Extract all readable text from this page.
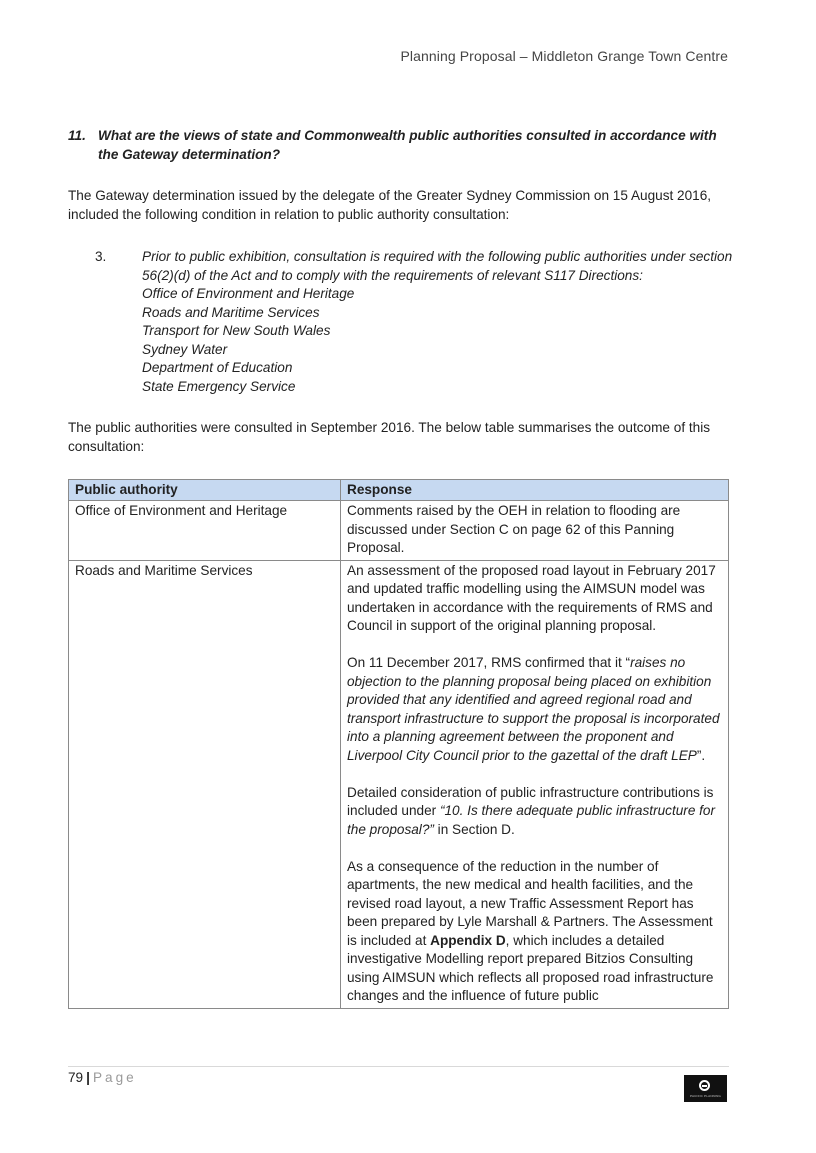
Planning Proposal – Middleton Grange Town Centre
11. What are the views of state and Commonwealth public authorities consulted in accordance with the Gateway determination?
The Gateway determination issued by the delegate of the Greater Sydney Commission on 15 August 2016, included the following condition in relation to public authority consultation:
3.	Prior to public exhibition, consultation is required with the following public authorities under section 56(2)(d) of the Act and to comply with the requirements of relevant S117 Directions:
Office of Environment and Heritage
Roads and Maritime Services
Transport for New South Wales
Sydney Water
Department of Education
State Emergency Service
The public authorities were consulted in September 2016. The below table summarises the outcome of this consultation:
Public authority	Response
Office of Environment and Heritage	Comments raised by the OEH in relation to flooding are discussed under Section C on page 62 of this Panning Proposal.
Roads and Maritime Services	An assessment of the proposed road layout in February 2017 and updated traffic modelling using the AIMSUN model was undertaken in accordance with the requirements of RMS and Council in support of the original planning proposal.

On 11 December 2017, RMS confirmed that it “raises no objection to the planning proposal being placed on exhibition provided that any identified and agreed regional road and transport infrastructure to support the proposal is incorporated into a planning agreement between the proponent and Liverpool City Council prior to the gazettal of the draft LEP”.

Detailed consideration of public infrastructure contributions is included under “10. Is there adequate public infrastructure for the proposal?” in Section D.

As a consequence of the reduction in the number of apartments, the new medical and health facilities, and the revised road layout, a new Traffic Assessment Report has been prepared by Lyle Marshall & Partners. The Assessment is included at Appendix D, which includes a detailed investigative Modelling report prepared Bitzios Consulting using AIMSUN which reflects all proposed road infrastructure changes and the influence of future public

79 | Page
PACIFIC PLANNING
